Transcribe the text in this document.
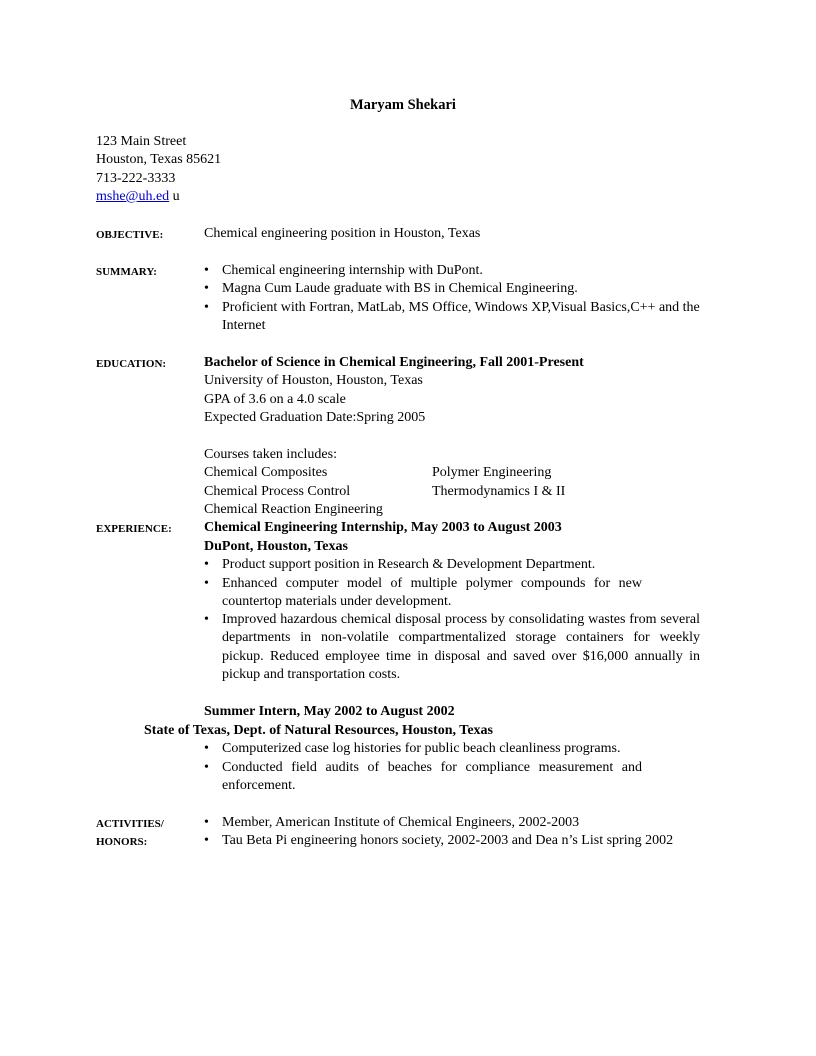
Maryam Shekari
123 Main Street
Houston, Texas 85621
713-222-3333
mshe@uh.ed u
OBJECTIVE:	Chemical engineering position in Houston, Texas
SUMMARY:	• Chemical engineering internship with DuPont.
• Magna Cum Laude graduate with BS in Chemical Engineering.
• Proficient with Fortran, MatLab, MS Office, Windows XP,Visual Basics,C++ and the Internet
EDUCATION:	Bachelor of Science in Chemical Engineering, Fall 2001-Present
University of Houston, Houston, Texas
GPA of 3.6 on a 4.0 scale
Expected Graduation Date:Spring 2005
Courses taken includes:
Chemical Composites	Polymer Engineering
Chemical Process Control	Thermodynamics I & II
Chemical Reaction Engineering
EXPERIENCE: Chemical Engineering Internship, May 2003 to August 2003
DuPont, Houston, Texas
• Product support position in Research & Development Department.
• Enhanced computer model of multiple polymer compounds for new countertop materials under development.
• Improved hazardous chemical disposal process by consolidating wastes from several departments in non-volatile compartmentalized storage containers for weekly pickup. Reduced employee time in disposal and saved over $16,000 annually in pickup and transportation costs.
Summer Intern, May 2002 to August 2002
State of Texas, Dept. of Natural Resources, Houston, Texas
• Computerized case log histories for public beach cleanliness programs.
• Conducted field audits of beaches for compliance measurement and enforcement.
ACTIVITIES/
HONORS:
• Member, American Institute of Chemical Engineers, 2002-2003
• Tau Beta Pi engineering honors society, 2002-2003 and Dea n’s List spring 2002
